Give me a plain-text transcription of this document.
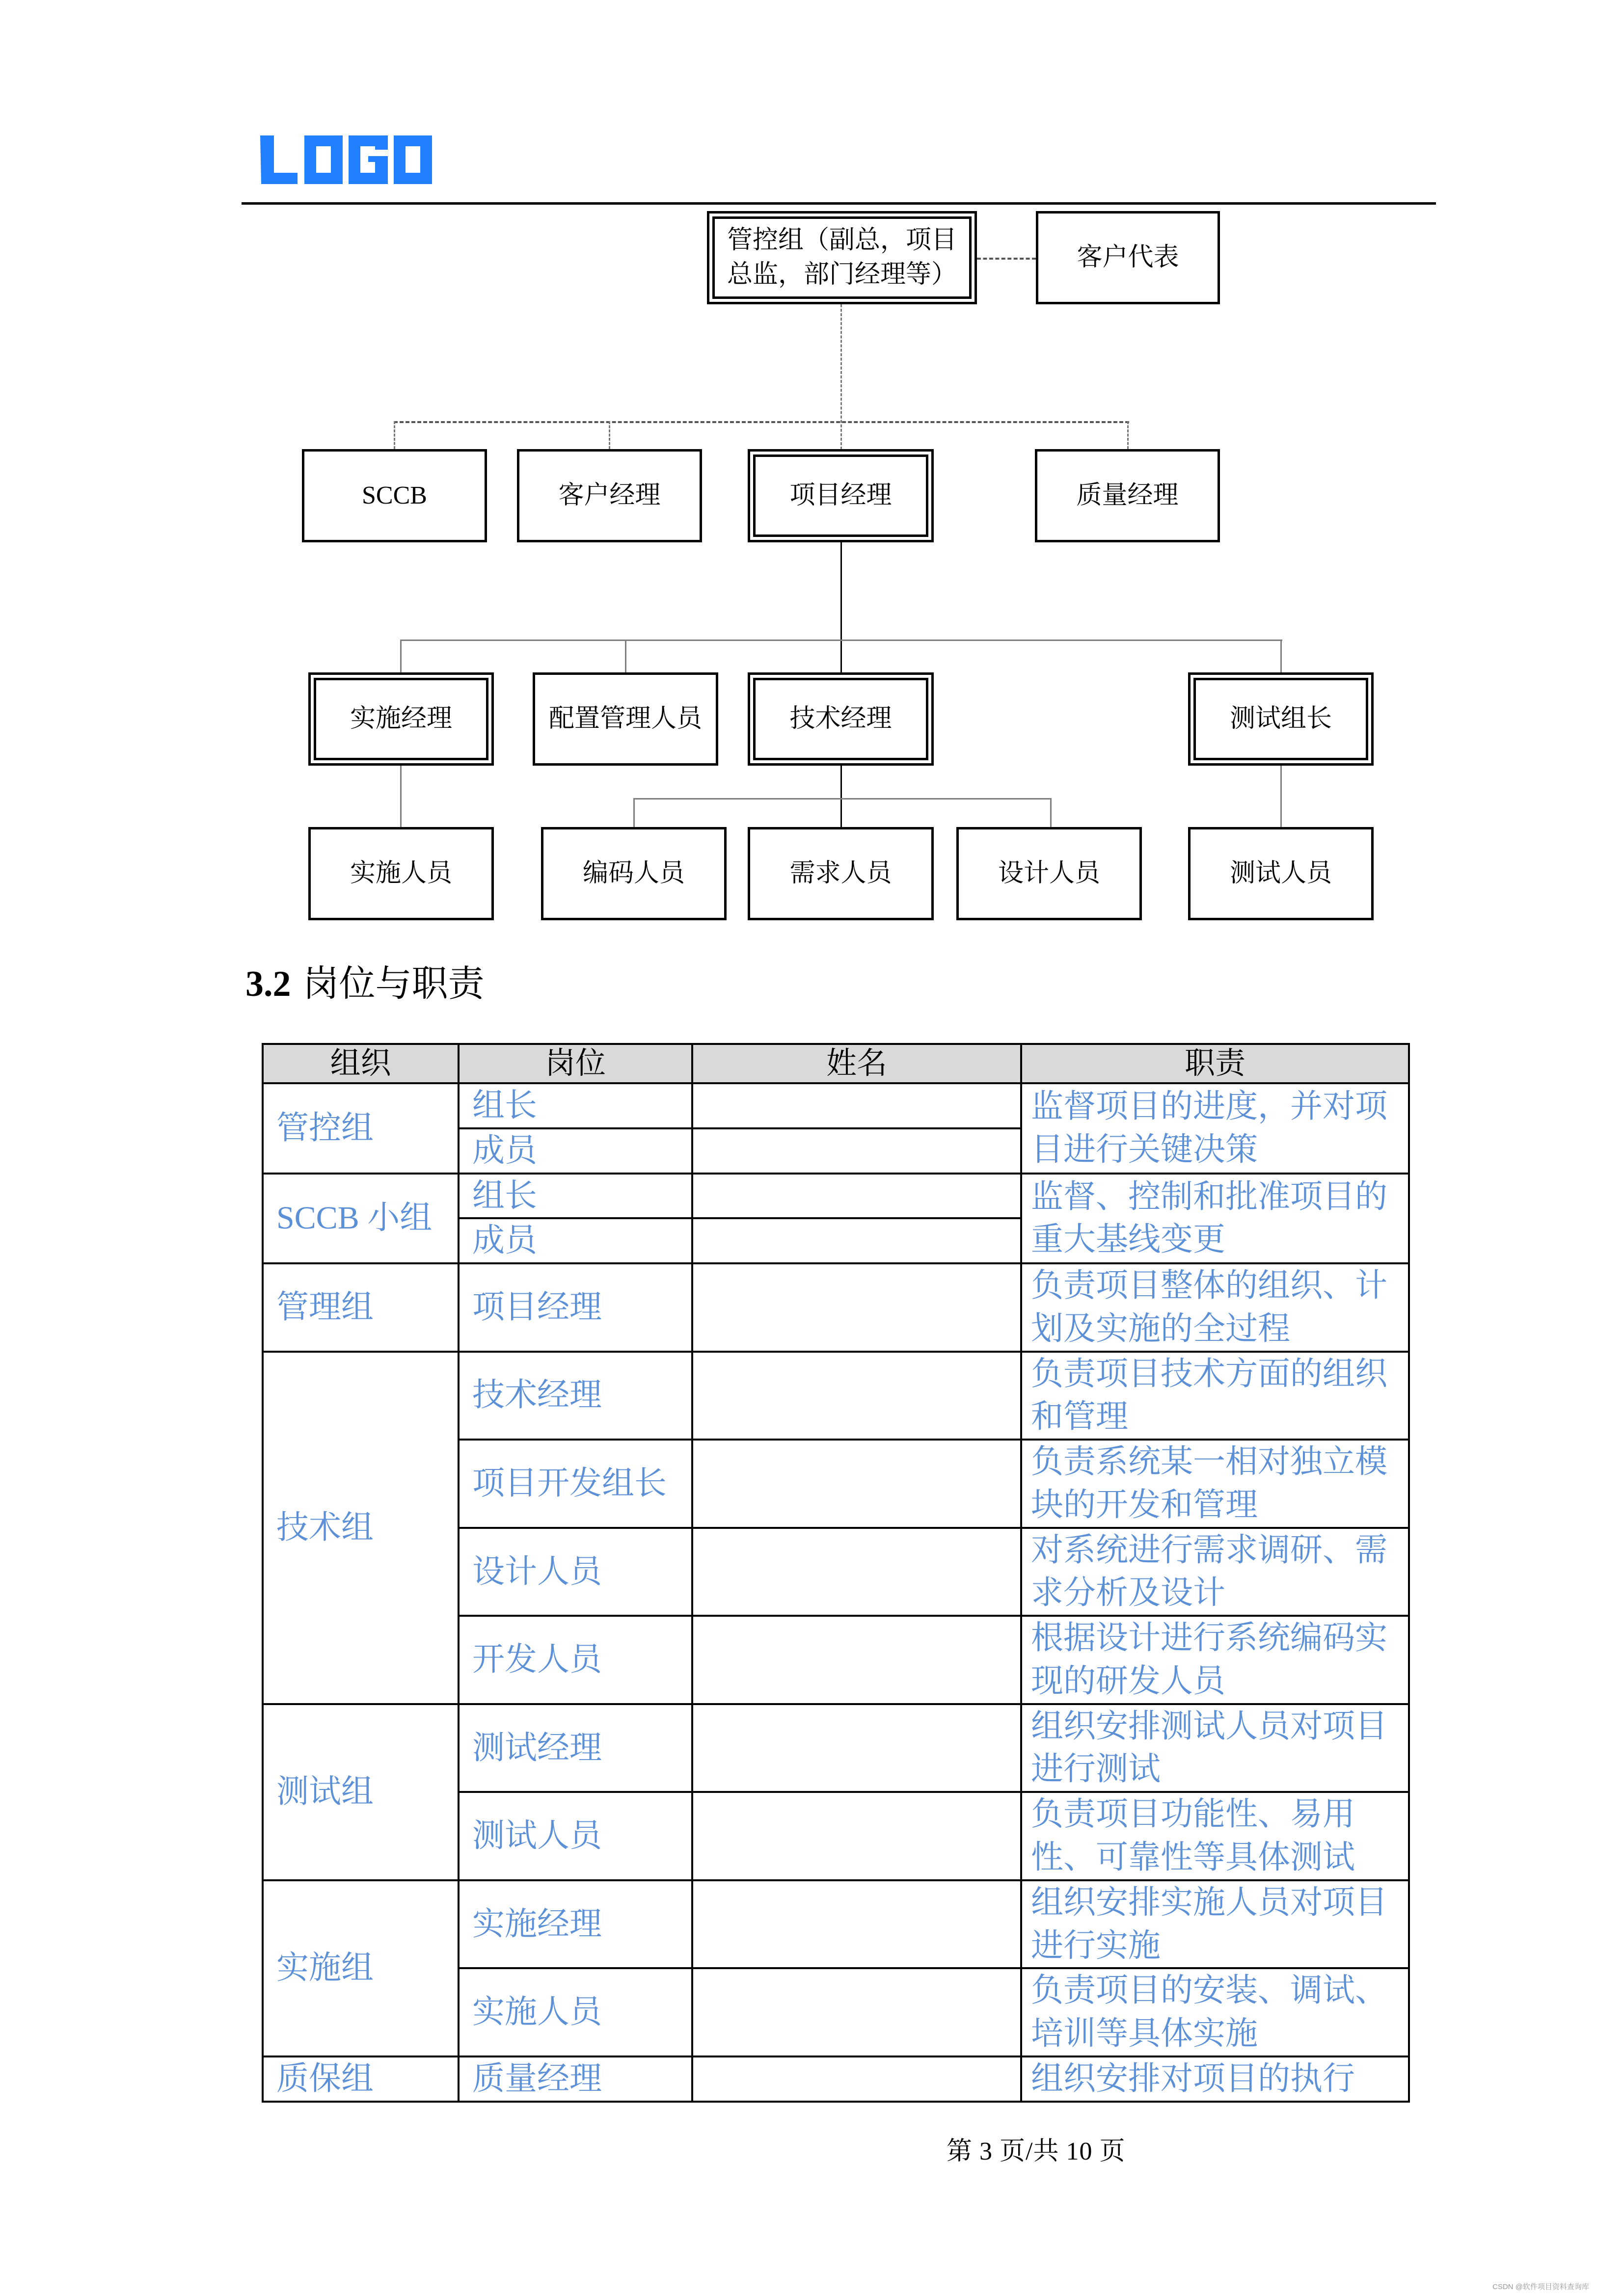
管控组（副总，项目
总监，部门经理等）
客户代表
SCCB	客户经理	项目经理	质量经理
实施经理	配置管理人员	技术经理	测试组长
实施人员	编码人员	需求人员	设计人员	测试人员
3.2 岗位与职责
组织	岗位	姓名	职责
管控组	组长		监督项目的进度，并对项目进行关键决策
	成员		
SCCB 小组	组长		监督、控制和批准项目的重大基线变更
	成员		
管理组	项目经理		负责项目整体的组织、计划及实施的全过程
技术组	技术经理		负责项目技术方面的组织和管理
	项目开发组长		负责系统某一相对独立模块的开发和管理
	设计人员		对系统进行需求调研、需求分析及设计
	开发人员		根据设计进行系统编码实现的研发人员
测试组	测试经理		组织安排测试人员对项目进行测试
	测试人员		负责项目功能性、易用性、可靠性等具体测试
实施组	实施经理		组织安排实施人员对项目进行实施
	实施人员		负责项目的安装、调试、培训等具体实施
质保组	质量经理		组织安排对项目的执行
第 3 页/共 10 页
CSDN @软件项目资料查询库
